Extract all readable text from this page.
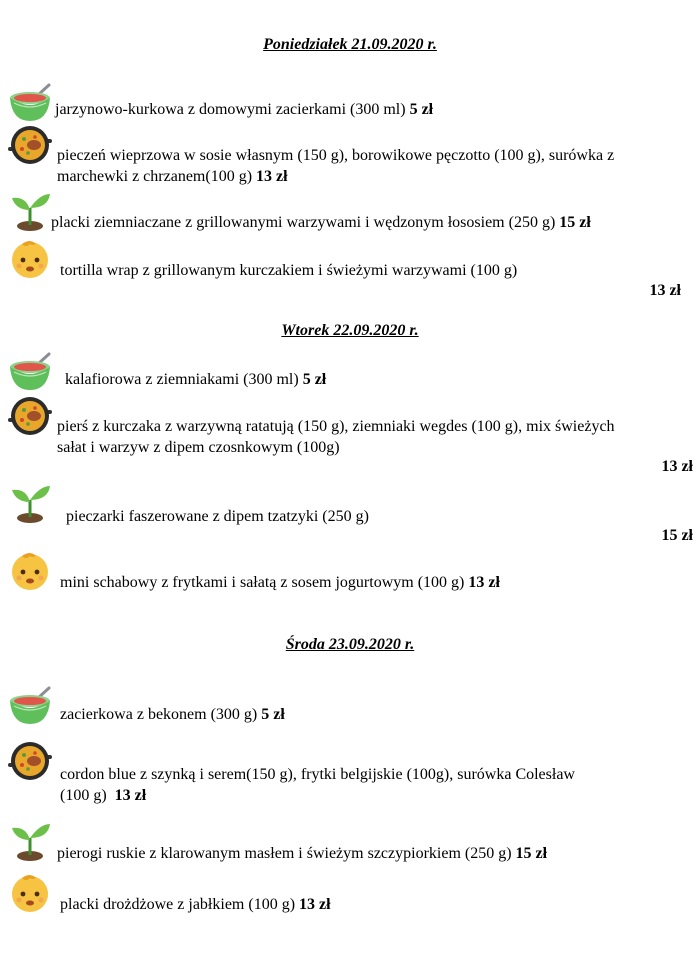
Poniedziałek 21.09.2020 r.
jarzynowo-kurkowa z domowymi zacierkami (300 ml) 5 zł
pieczeń wieprzowa w sosie własnym (150 g), borowikowe pęczotto (100 g), surówka z
marchewki z chrzanem(100 g) 13 zł
placki ziemniaczane z grillowanymi warzywami i wędzonym łososiem (250 g) 15 zł
tortilla wrap z grillowanym kurczakiem i świeżymi warzywami (100 g)
13 zł
Wtorek 22.09.2020 r.
kalafiorowa z ziemniakami (300 ml) 5 zł
pierś z kurczaka z warzywną ratatują (150 g), ziemniaki wegdes (100 g), mix świeżych
sałat i warzyw z dipem czosnkowym (100g)
13 zł
pieczarki faszerowane z dipem tzatzyki (250 g)
15 zł
mini schabowy z frytkami i sałatą z sosem jogurtowym (100 g) 13 zł
Środa 23.09.2020 r.
zacierkowa z bekonem (300 g) 5 zł
cordon blue z szynką i serem(150 g), frytki belgijskie (100g), surówka Colesław
(100 g) 13 zł
pierogi ruskie z klarowanym masłem i świeżym szczypiorkiem (250 g) 15 zł
placki drożdżowe z jabłkiem (100 g) 13 zł
